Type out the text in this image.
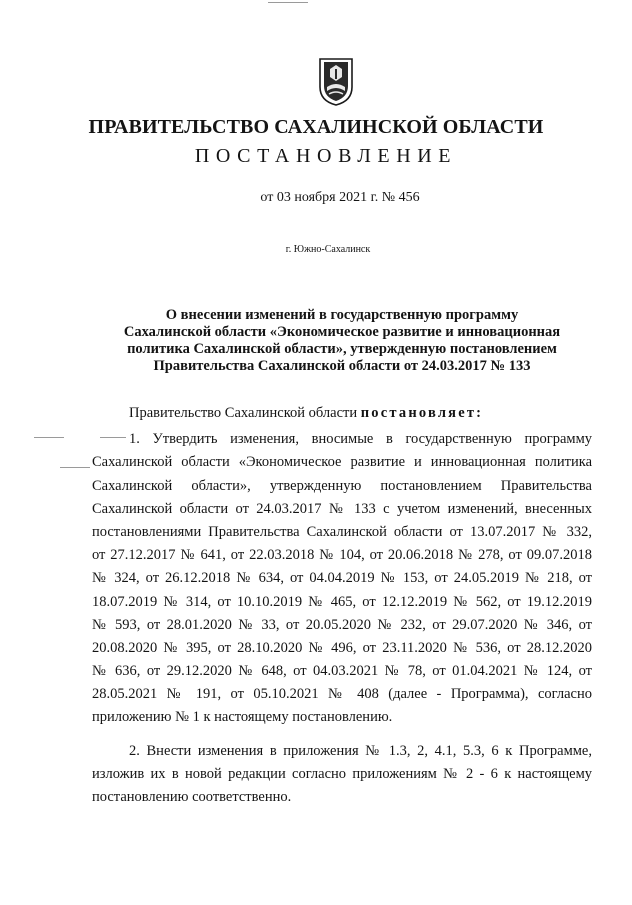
ПРАВИТЕЛЬСТВО САХАЛИНСКОЙ ОБЛАСТИ
ПОСТАНОВЛЕНИЕ
от 03 ноября 2021 г. № 456
г. Южно-Сахалинск
О внесении изменений в государственную программу
Сахалинской области «Экономическое развитие и инновационная
политика Сахалинской области», утвержденную постановлением
Правительства Сахалинской области от 24.03.2017 № 133
Правительство Сахалинской области постановляет:
1. Утвердить изменения, вносимые в государственную программу
Сахалинской области «Экономическое развитие и инновационная политика
Сахалинской области», утвержденную постановлением Правительства
Сахалинской области от 24.03.2017 № 133 с учетом изменений, внесенных
постановлениями Правительства Сахалинской области от 13.07.2017 № 332,
от 27.12.2017 № 641, от 22.03.2018 № 104, от 20.06.2018 № 278, от 09.07.2018
№ 324, от 26.12.2018 № 634, от 04.04.2019 № 153, от 24.05.2019 № 218, от
18.07.2019 № 314, от 10.10.2019 № 465, от 12.12.2019 № 562, от 19.12.2019
№ 593, от 28.01.2020 № 33, от 20.05.2020 № 232, от 29.07.2020 № 346, от
20.08.2020 № 395, от 28.10.2020 № 496, от 23.11.2020 № 536, от 28.12.2020
№ 636, от 29.12.2020 № 648, от 04.03.2021 № 78, от 01.04.2021 № 124, от
28.05.2021 № 191, от 05.10.2021 № 408 (далее - Программа), согласно
приложению № 1 к настоящему постановлению.
2. Внести изменения в приложения № 1.3, 2, 4.1, 5.3, 6 к Программе,
изложив их в новой редакции согласно приложениям № 2 - 6 к настоящему
постановлению соответственно.
